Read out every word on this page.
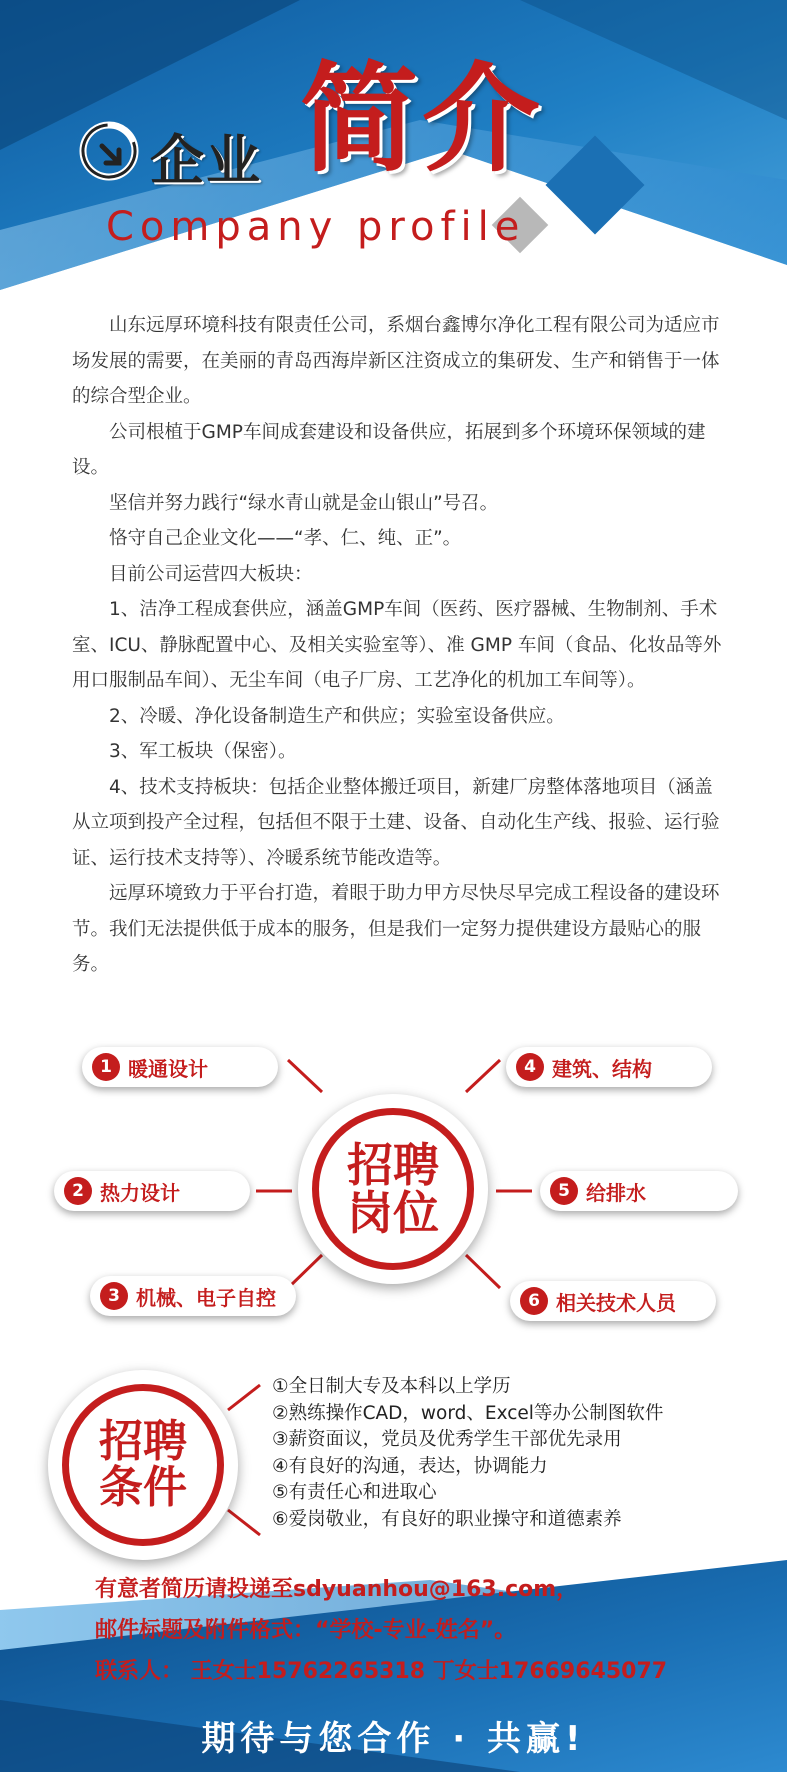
企业 简介
Company profile

山东远厚环境科技有限责任公司，系烟台鑫博尔净化工程有限公司为适应市场发展的需要，在美丽的青岛西海岸新区注资成立的集研发、生产和销售于一体的综合型企业。

公司根植于GMP车间成套建设和设备供应，拓展到多个环境环保领域的建设。

坚信并努力践行“绿水青山就是金山银山”号召。

恪守自己企业文化——“孝、仁、纯、正”。

目前公司运营四大板块：

1、洁净工程成套供应，涵盖GMP车间（医药、医疗器械、生物制剂、手术室、ICU、静脉配置中心、及相关实验室等）、准 GMP 车间（食品、化妆品等外用口服制品车间）、无尘车间（电子厂房、工艺净化的机加工车间等）。

2、冷暖、净化设备制造生产和供应；实验室设备供应。

3、军工板块（保密）。

4、技术支持板块：包括企业整体搬迁项目，新建厂房整体落地项目（涵盖从立项到投产全过程，包括但不限于土建、设备、自动化生产线、报验、运行验证、运行技术支持等）、冷暖系统节能改造等。

远厚环境致力于平台打造，着眼于助力甲方尽快尽早完成工程设备的建设环节。我们无法提供低于成本的服务，但是我们一定努力提供建设方最贴心的服务。

招聘
岗位
1 暖通设计
2 热力设计
3 机械、电子自控
4 建筑、结构
5 给排水
6 相关技术人员
招聘
条件
①全日制大专及本科以上学历
②熟练操作CAD，word、Excel等办公制图软件
③薪资面议，党员及优秀学生干部优先录用
④有良好的沟通，表达，协调能力
⑤有责任心和进取心
⑥爱岗敬业，有良好的职业操守和道德素养
有意者简历请投递至sdyuanhou@163.com，
邮件标题及附件格式：“学校-专业-姓名”。
联系人： 王女士15762265318 丁女士17669645077
期待与您合作 · 共赢!
